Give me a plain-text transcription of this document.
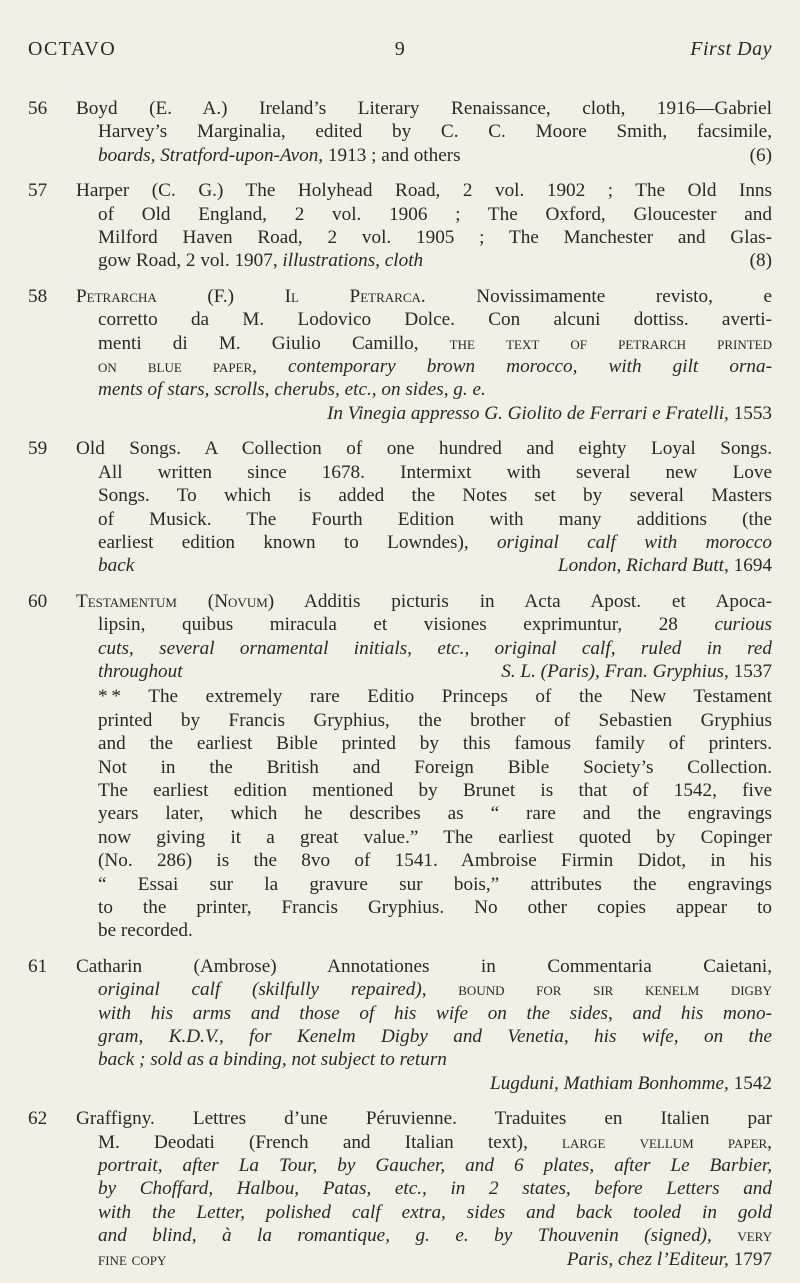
OCTAVO	9	First Day
56	Boyd (E. A.) Ireland’s Literary Renaissance, cloth, 1916—Gabriel
Harvey’s Marginalia, edited by C. C. Moore Smith, facsimile,
boards, Stratford-upon-Avon, 1913 ; and others	(6)
57	Harper (C. G.) The Holyhead Road, 2 vol. 1902 ; The Old Inns
of Old England, 2 vol. 1906 ; The Oxford, Gloucester and
Milford Haven Road, 2 vol. 1905 ; The Manchester and Glas-
gow Road, 2 vol. 1907, illustrations, cloth	(8)
58	Petrarcha (F.) Il Petrarca. Novissimamente revisto, e
corretto da M. Lodovico Dolce. Con alcuni dottiss. averti-
menti di M. Giulio Camillo, the text of petrarch printed
on blue paper, contemporary brown morocco, with gilt orna-
ments of stars, scrolls, cherubs, etc., on sides, g. e.
In Vinegia appresso G. Giolito de Ferrari e Fratelli, 1553
59	Old Songs. A Collection of one hundred and eighty Loyal Songs.
All written since 1678. Intermixt with several new Love
Songs. To which is added the Notes set by several Masters
of Musick. The Fourth Edition with many additions (the
earliest edition known to Lowndes), original calf with morocco
back	London, Richard Butt, 1694
60	Testamentum (Novum) Additis picturis in Acta Apost. et Apoca-
lipsin, quibus miracula et visiones exprimuntur, 28 curious
cuts, several ornamental initials, etc., original calf, ruled in red
throughout	S. L. (Paris), Fran. Gryphius, 1537
* * The extremely rare Editio Princeps of the New Testament
printed by Francis Gryphius, the brother of Sebastien Gryphius
and the earliest Bible printed by this famous family of printers.
Not in the British and Foreign Bible Society’s Collection.
The earliest edition mentioned by Brunet is that of 1542, five
years later, which he describes as “ rare and the engravings
now giving it a great value.” The earliest quoted by Copinger
(No. 286) is the 8vo of 1541. Ambroise Firmin Didot, in his
“ Essai sur la gravure sur bois,” attributes the engravings
to the printer, Francis Gryphius. No other copies appear to
be recorded.
61	Catharin (Ambrose) Annotationes in Commentaria Caietani,
original calf (skilfully repaired), bound for sir kenelm digby
with his arms and those of his wife on the sides, and his mono-
gram, K.D.V., for Kenelm Digby and Venetia, his wife, on the
back ; sold as a binding, not subject to return
Lugduni, Mathiam Bonhomme, 1542
62	Graffigny. Lettres d’une Péruvienne. Traduites en Italien par
M. Deodati (French and Italian text), large vellum paper,
portrait, after La Tour, by Gaucher, and 6 plates, after Le Barbier,
by Choffard, Halbou, Patas, etc., in 2 states, before Letters and
with the Letter, polished calf extra, sides and back tooled in gold
and blind, à la romantique, g. e. by Thouvenin (signed), very
fine copy	Paris, chez l’Editeur, 1797
